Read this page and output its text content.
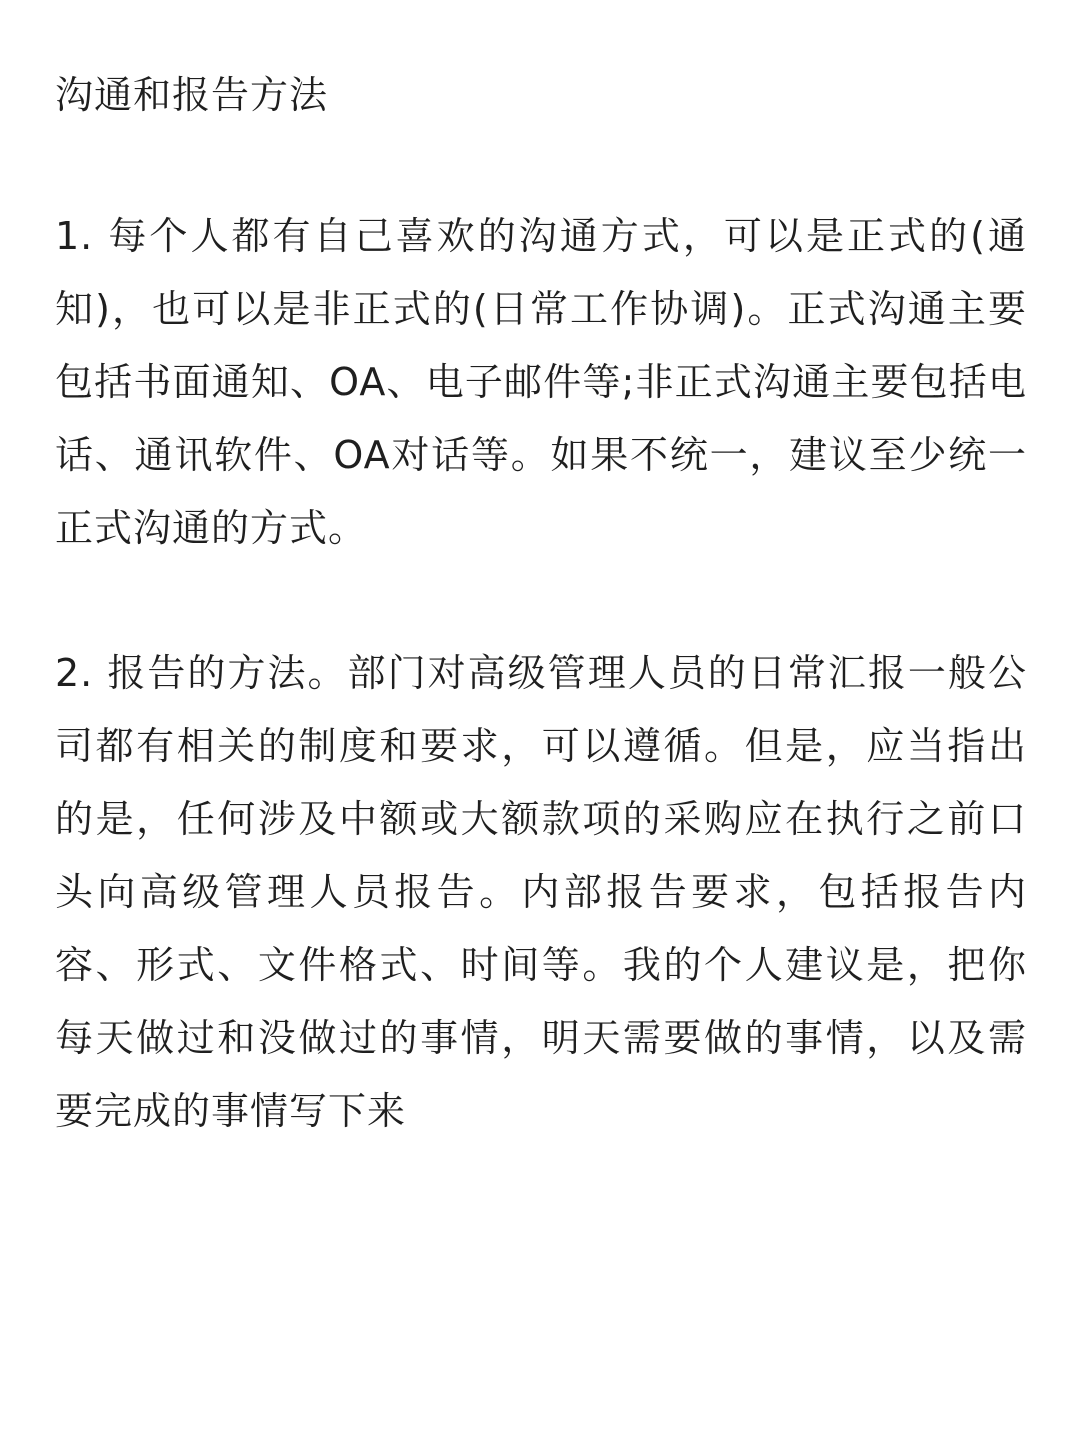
沟通和报告方法

1. 每个人都有自己喜欢的沟通方式，可以是正式的(通知)，也可以是非正式的(日常工作协调)。正式沟通主要包括书面通知、OA、电子邮件等;非正式沟通主要包括电话、通讯软件、OA对话等。如果不统一，建议至少统一正式沟通的方式。

2. 报告的方法。部门对高级管理人员的日常汇报一般公司都有相关的制度和要求，可以遵循。但是，应当指出的是，任何涉及中额或大额款项的采购应在执行之前口头向高级管理人员报告。内部报告要求，包括报告内容、形式、文件格式、时间等。我的个人建议是，把你每天做过和没做过的事情，明天需要做的事情，以及需要完成的事情写下来
